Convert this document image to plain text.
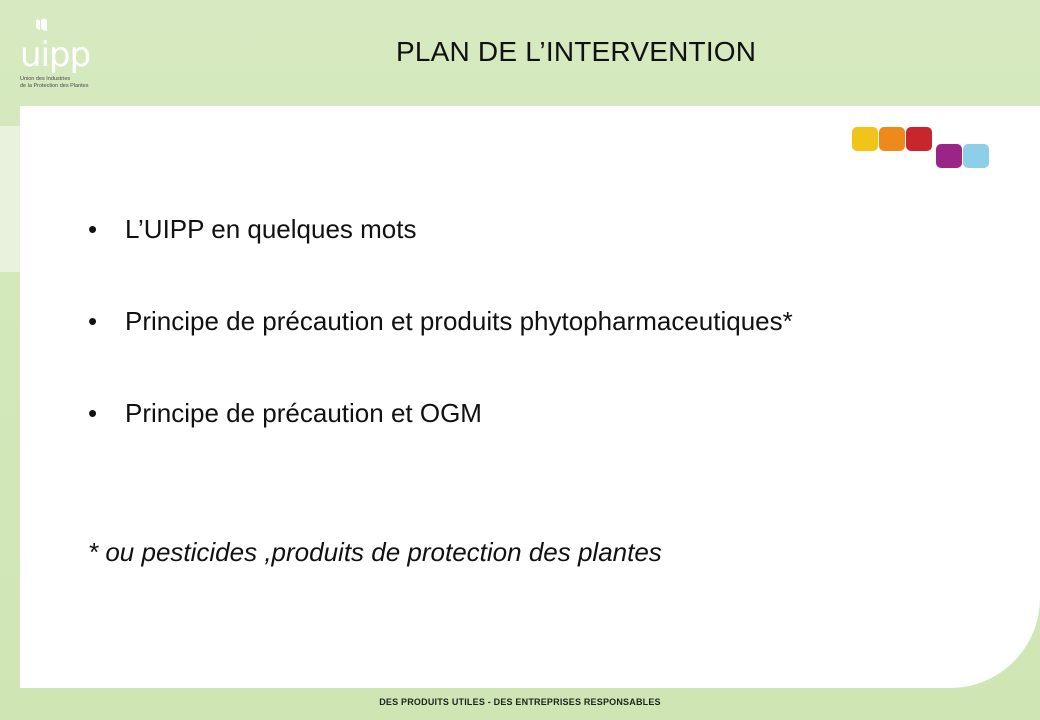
uipp
Union des Industries
de la Protection des Plantes
PLAN DE L’INTERVENTION
•	L’UIPP en quelques mots
•	Principe de précaution et produits phytopharmaceutiques*
•	Principe de précaution et OGM
* ou pesticides ,produits de protection des plantes
DES PRODUITS UTILES - DES ENTREPRISES RESPONSABLES
